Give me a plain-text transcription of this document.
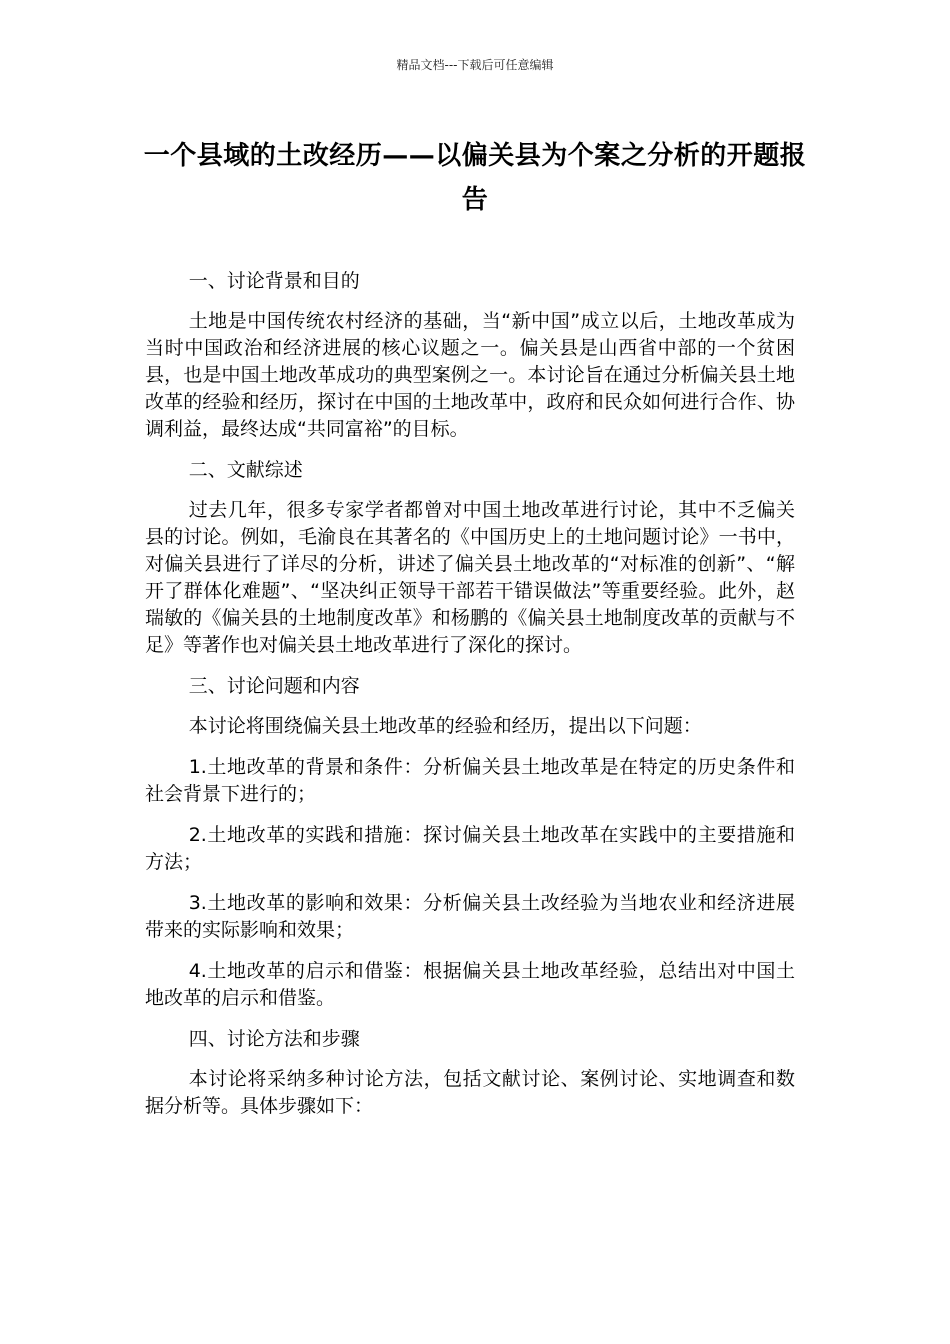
精品文档---下载后可任意编辑
一个县域的土改经历——以偏关县为个案之分析的开题报告

一、讨论背景和目的

土地是中国传统农村经济的基础，当“新中国”成立以后，土地改革成为当时中国政治和经济进展的核心议题之一。偏关县是山西省中部的一个贫困县，也是中国土地改革成功的典型案例之一。本讨论旨在通过分析偏关县土地改革的经验和经历，探讨在中国的土地改革中，政府和民众如何进行合作、协调利益，最终达成“共同富裕”的目标。

二、文献综述

过去几年，很多专家学者都曾对中国土地改革进行讨论，其中不乏偏关县的讨论。例如，毛渝良在其著名的《中国历史上的土地问题讨论》一书中，对偏关县进行了详尽的分析，讲述了偏关县土地改革的“对标准的创新”、“解开了群体化难题”、“坚决纠正领导干部若干错误做法”等重要经验。此外，赵瑞敏的《偏关县的土地制度改革》和杨鹏的《偏关县土地制度改革的贡献与不足》等著作也对偏关县土地改革进行了深化的探讨。

三、讨论问题和内容

本讨论将围绕偏关县土地改革的经验和经历，提出以下问题：

1.土地改革的背景和条件：分析偏关县土地改革是在特定的历史条件和社会背景下进行的；

2.土地改革的实践和措施：探讨偏关县土地改革在实践中的主要措施和方法；

3.土地改革的影响和效果：分析偏关县土改经验为当地农业和经济进展带来的实际影响和效果；

4.土地改革的启示和借鉴：根据偏关县土地改革经验，总结出对中国土地改革的启示和借鉴。

四、讨论方法和步骤

本讨论将采纳多种讨论方法，包括文献讨论、案例讨论、实地调查和数据分析等。具体步骤如下：
